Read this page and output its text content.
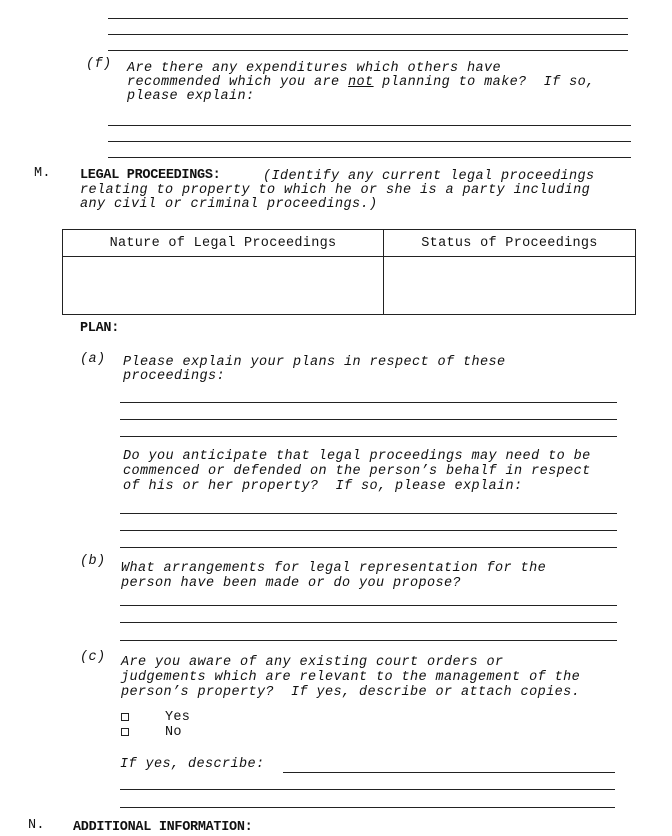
(f) Are there any expenditures which others have
recommended which you are not planning to make?  If so,
please explain:
M. LEGAL PROCEEDINGS:	(Identify any current legal proceedings
relating to property to which he or she is a party including
any civil or criminal proceedings.)
Nature of Legal Proceedings	Status of Proceedings

PLAN:
(a) Please explain your plans in respect of these
proceedings:
Do you anticipate that legal proceedings may need to be
commenced or defended on the person’s behalf in respect
of his or her property?  If so, please explain:
(b) What arrangements for legal representation for the
person have been made or do you propose?
(c) Are you aware of any existing court orders or
judgements which are relevant to the management of the
person’s property?  If yes, describe or attach copies.
Yes
No
If yes, describe:
N. ADDITIONAL INFORMATION:
